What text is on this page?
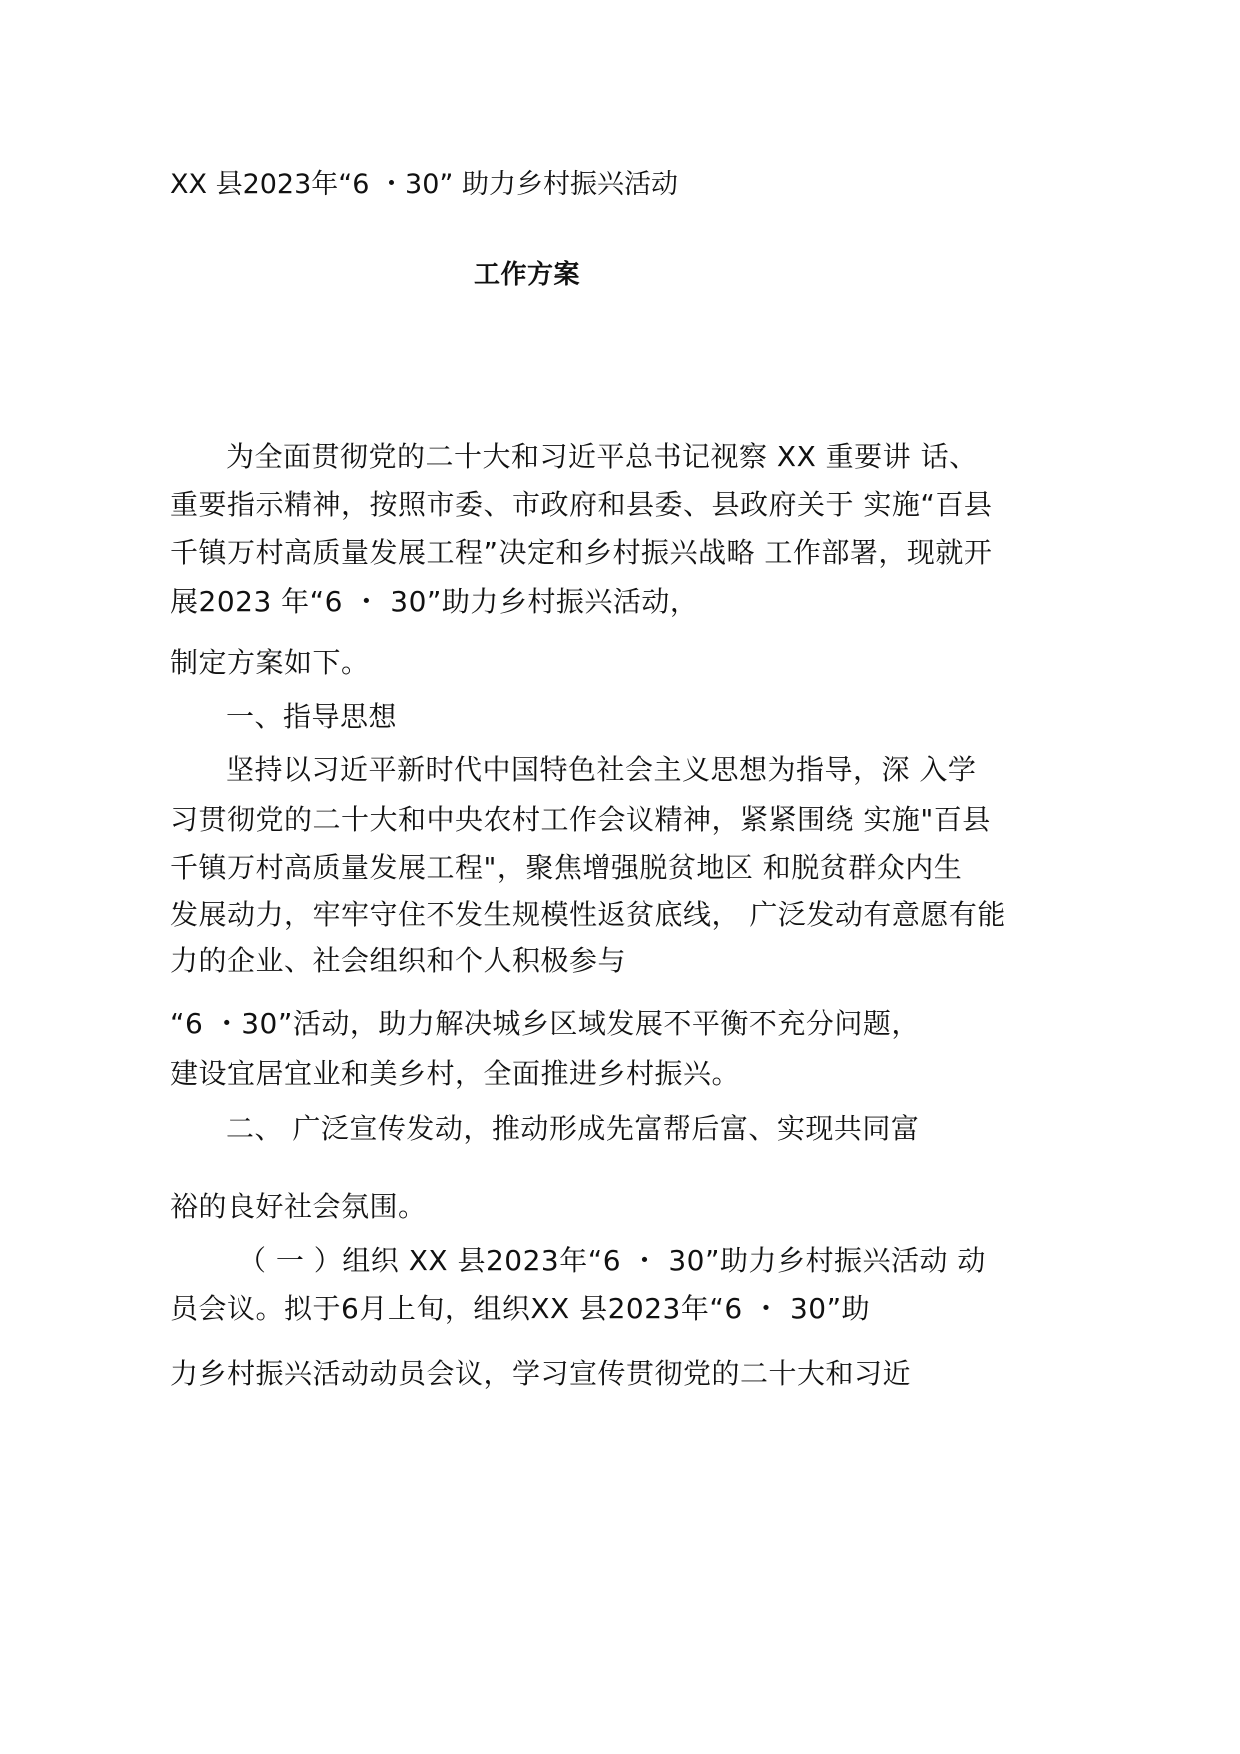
XX 县2023年“6 ・30” 助力乡村振兴活动
工作方案
为全面贯彻党的二十大和习近平总书记视察 XX 重要讲 话、
重要指示精神，按照市委、市政府和县委、县政府关于 实施“百县
千镇万村高质量发展工程”决定和乡村振兴战略 工作部署，现就开
展2023 年“6 ・ 30”助力乡村振兴活动，
制定方案如下。
一、指导思想
坚持以习近平新时代中国特色社会主义思想为指导，深 入学
习贯彻党的二十大和中央农村工作会议精神，紧紧围绕 实施"百县
千镇万村高质量发展工程"，聚焦增强脱贫地区 和脱贫群众内生
发展动力，牢牢守住不发生规模性返贫底线， 广泛发动有意愿有能
力的企业、社会组织和个人积极参与
“6 ・30”活动，助力解决城乡区域发展不平衡不充分问题，
建设宜居宜业和美乡村，全面推进乡村振兴。
二、 广泛宣传发动，推动形成先富帮后富、实现共同富
裕的良好社会氛围。
（ 一 ）组织 XX 县2023年“6 ・ 30”助力乡村振兴活动 动
员会议。拟于6月上旬，组织XX 县2023年“6 ・ 30”助
力乡村振兴活动动员会议，学习宣传贯彻党的二十大和习近
